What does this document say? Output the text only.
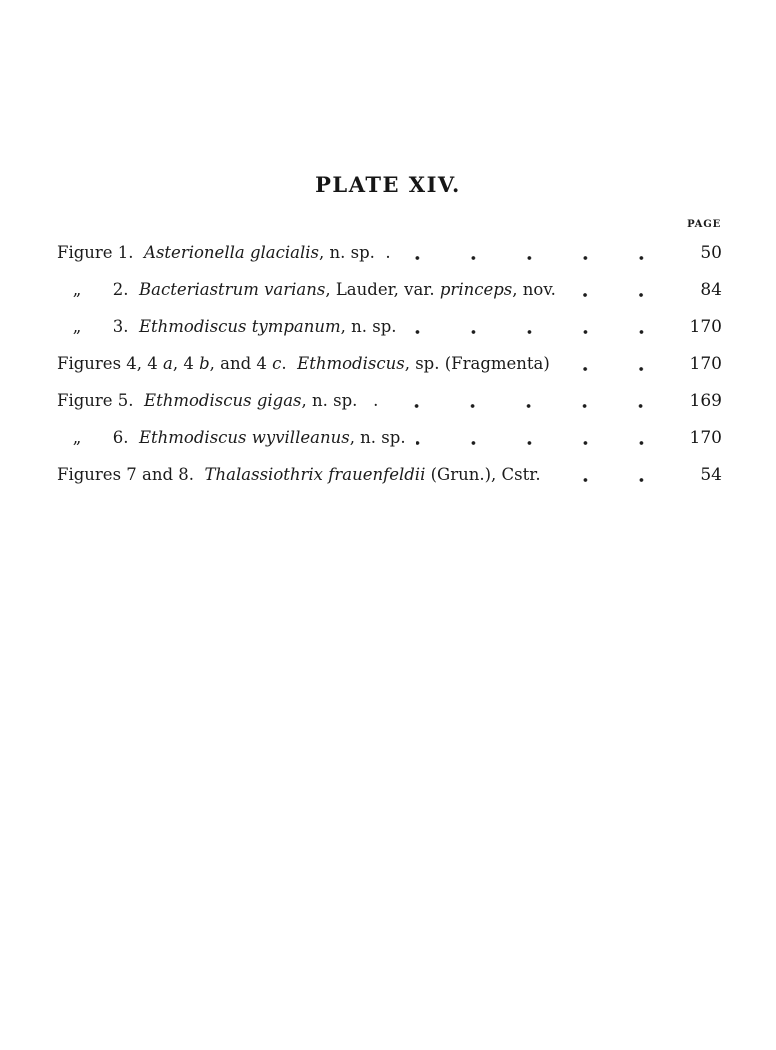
PLATE XIV.
PAGE
Figure 1.  Asterionella glacialis, n. sp.  .	50
„      2.  Bacteriastrum varians, Lauder, var. princeps, nov.	84
„      3.  Ethmodiscus tympanum, n. sp.	170
Figures 4, 4 a, 4 b, and 4 c.  Ethmodiscus, sp. (Fragmenta)	170
Figure 5.  Ethmodiscus gigas, n. sp.   .	169
„      6.  Ethmodiscus wyvilleanus, n. sp.	170
Figures 7 and 8.  Thalassiothrix frauenfeldii (Grun.), Cstr.	54
